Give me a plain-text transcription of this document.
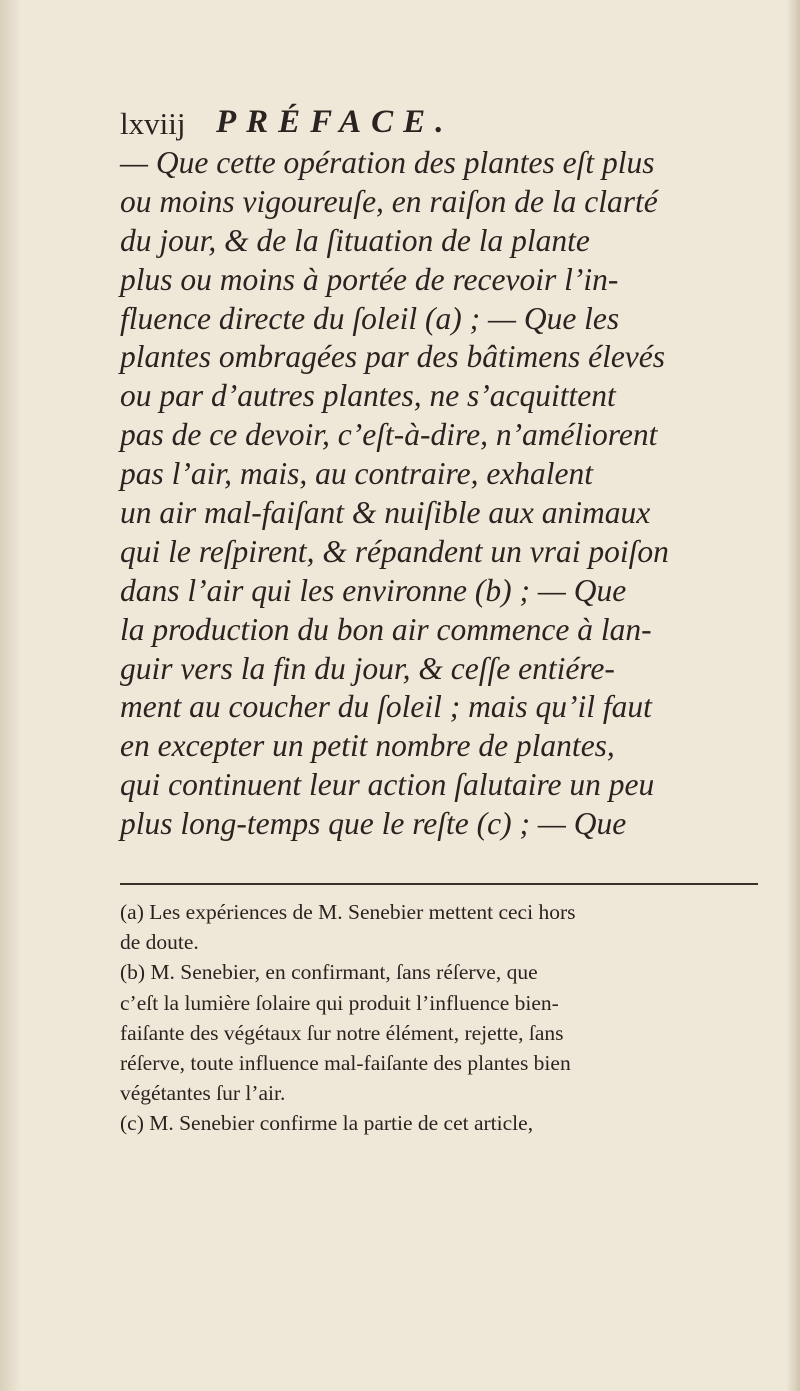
lxviij PRÉFACE.
— Que cette opération des plantes eſt plus
ou moins vigoureuſe, en raiſon de la clarté
du jour, & de la ſituation de la plante
plus ou moins à portée de recevoir l’in-
fluence directe du ſoleil (a) ; — Que les
plantes ombragées par des bâtimens élevés
ou par d’autres plantes, ne s’acquittent
pas de ce devoir, c’eſt-à-dire, n’améliorent
pas l’air, mais, au contraire, exhalent
un air mal-faiſant & nuiſible aux animaux
qui le reſpirent, & répandent un vrai poiſon
dans l’air qui les environne (b) ; — Que
la production du bon air commence à lan-
guir vers la fin du jour, & ceſſe entiére-
ment au coucher du ſoleil ; mais qu’il faut
en excepter un petit nombre de plantes,
qui continuent leur action ſalutaire un peu
plus long-temps que le reſte (c) ; — Que
(a) Les expériences de M. Senebier mettent ceci hors
de doute.
(b) M. Senebier, en confirmant, ſans réſerve, que
c’eſt la lumière ſolaire qui produit l’influence bien-
faiſante des végétaux ſur notre élément, rejette, ſans
réſerve, toute influence mal-faiſante des plantes bien
végétantes ſur l’air.
(c) M. Senebier confirme la partie de cet article,
